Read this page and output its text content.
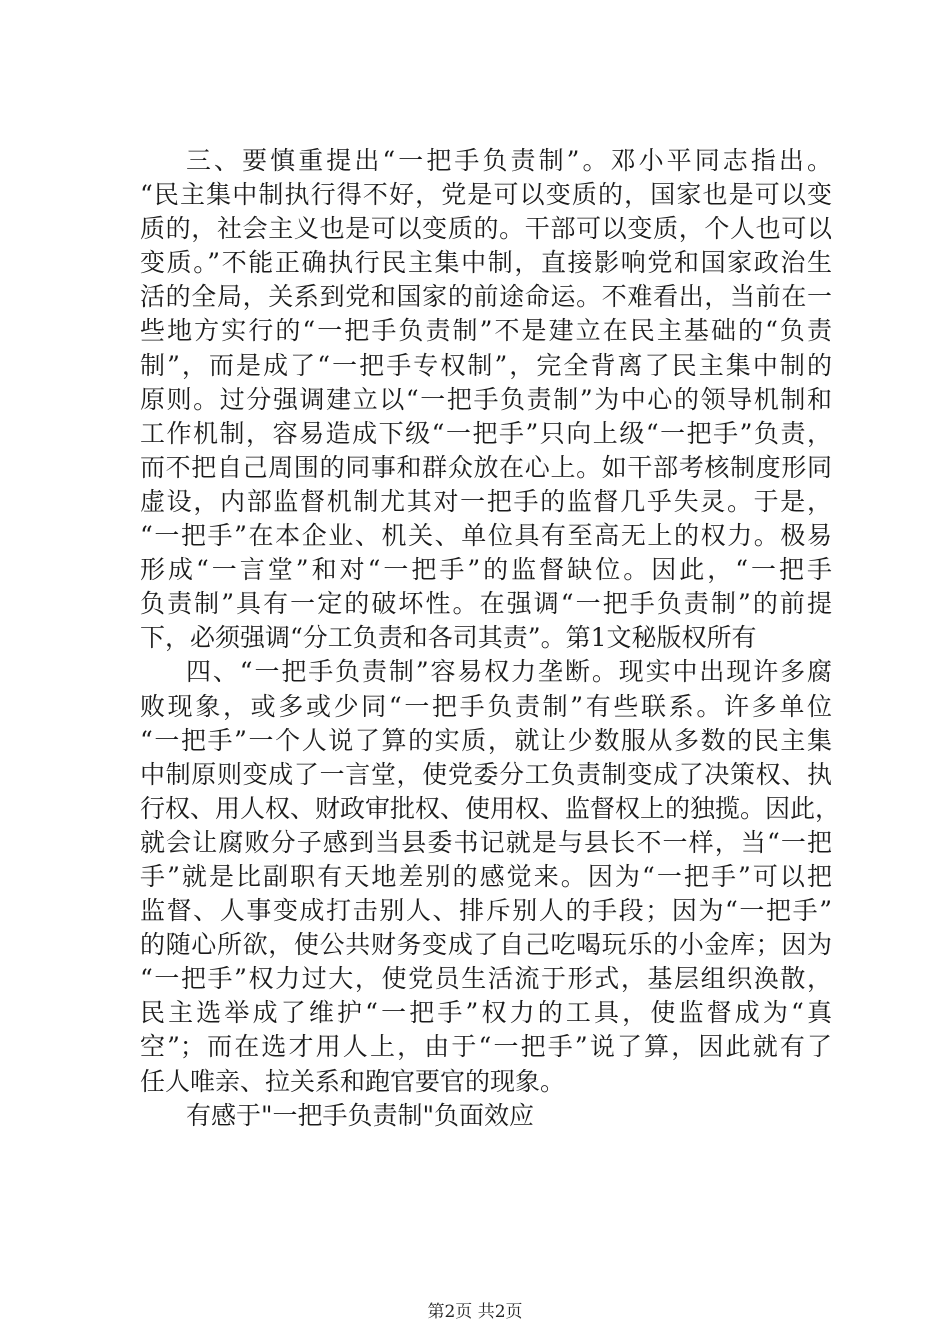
三、要慎重提出“一把手负责制”。邓小平同志指出。
“民主集中制执行得不好，党是可以变质的，国家也是可以变
质的，社会主义也是可以变质的。干部可以变质，个人也可以
变质。”不能正确执行民主集中制，直接影响党和国家政治生
活的全局，关系到党和国家的前途命运。不难看出，当前在一
些地方实行的“一把手负责制”不是建立在民主基础的“负责
制”，而是成了“一把手专权制”，完全背离了民主集中制的
原则。过分强调建立以“一把手负责制”为中心的领导机制和
工作机制，容易造成下级“一把手”只向上级“一把手”负责，
而不把自己周围的同事和群众放在心上。如干部考核制度形同
虚设，内部监督机制尤其对一把手的监督几乎失灵。于是，
“一把手”在本企业、机关、单位具有至高无上的权力。极易
形成“一言堂”和对“一把手”的监督缺位。因此，“一把手
负责制”具有一定的破坏性。在强调“一把手负责制”的前提
下，必须强调“分工负责和各司其责”。第1文秘版权所有
四、“一把手负责制”容易权力垄断。现实中出现许多腐
败现象，或多或少同“一把手负责制”有些联系。许多单位
“一把手”一个人说了算的实质，就让少数服从多数的民主集
中制原则变成了一言堂，使党委分工负责制变成了决策权、执
行权、用人权、财政审批权、使用权、监督权上的独揽。因此，
就会让腐败分子感到当县委书记就是与县长不一样，当“一把
手”就是比副职有天地差别的感觉来。因为“一把手”可以把
监督、人事变成打击别人、排斥别人的手段；因为“一把手”
的随心所欲，使公共财务变成了自己吃喝玩乐的小金库；因为
“一把手”权力过大，使党员生活流于形式，基层组织涣散，
民主选举成了维护“一把手”权力的工具，使监督成为“真
空”；而在选才用人上，由于“一把手”说了算，因此就有了
任人唯亲、拉关系和跑官要官的现象。
有感于"一把手负责制"负面效应
第2页 共2页
